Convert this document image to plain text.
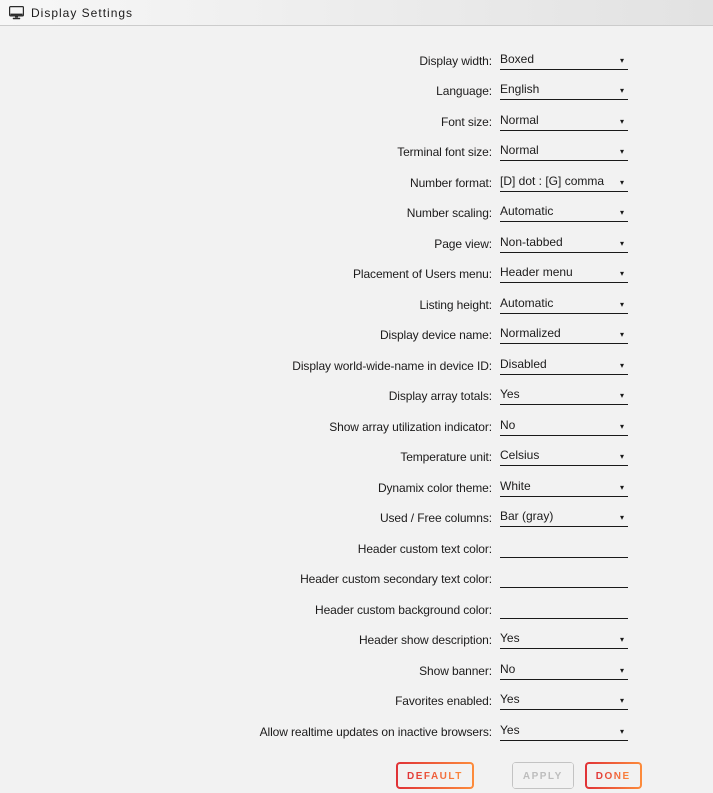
Display Settings
Display width: Boxed	▾
Language: English	▾
Font size: Normal	▾
Terminal font size: Normal	▾
Number format: [D] dot : [G] comma	▾
Number scaling: Automatic	▾
Page view: Non-tabbed	▾
Placement of Users menu: Header menu	▾
Listing height: Automatic	▾
Display device name: Normalized	▾
Display world-wide-name in device ID: Disabled	▾
Display array totals: Yes	▾
Show array utilization indicator: No	▾
Temperature unit: Celsius	▾
Dynamix color theme: White	▾
Used / Free columns: Bar (gray)	▾
Header custom text color:
Header custom secondary text color:
Header custom background color:
Header show description: Yes	▾
Show banner: No	▾
Favorites enabled: Yes	▾
Allow realtime updates on inactive browsers: Yes	▾
DEFAULT	APPLY	DONE
